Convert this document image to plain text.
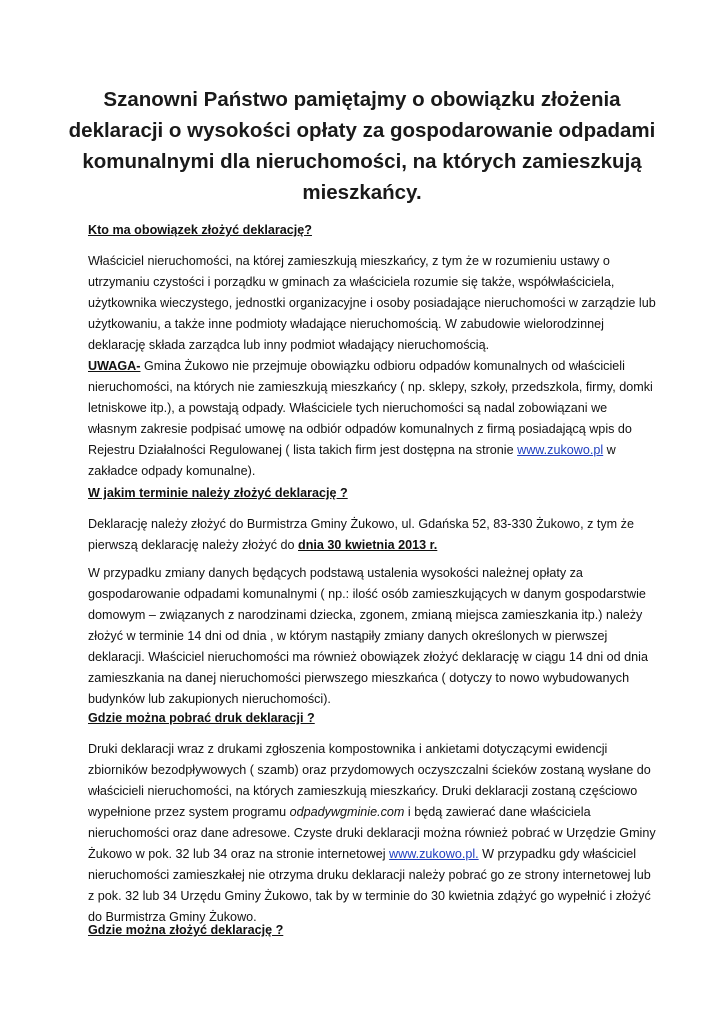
Szanowni Państwo pamiętajmy o obowiązku złożenia
deklaracji o wysokości opłaty za gospodarowanie odpadami
komunalnymi dla nieruchomości, na których zamieszkują
mieszkańcy.
Kto ma obowiązek złożyć deklarację?
Właściciel nieruchomości, na której zamieszkują mieszkańcy, z tym że w rozumieniu ustawy o
utrzymaniu czystości i porządku w gminach za właściciela rozumie się także, współwłaściciela,
użytkownika wieczystego, jednostki organizacyjne i osoby posiadające nieruchomości w zarządzie lub
użytkowaniu, a także inne podmioty władające nieruchomością. W zabudowie wielorodzinnej
deklarację składa zarządca lub inny podmiot władający nieruchomością.
UWAGA- Gmina Żukowo nie przejmuje obowiązku odbioru odpadów komunalnych od właścicieli
nieruchomości, na których nie zamieszkują mieszkańcy ( np. sklepy, szkoły, przedszkola, firmy, domki
letniskowe itp.), a powstają odpady. Właściciele tych nieruchomości są nadal zobowiązani we
własnym zakresie podpisać umowę na odbiór odpadów komunalnych z firmą posiadającą wpis do
Rejestru Działalności Regulowanej ( lista takich firm jest dostępna na stronie www.zukowo.pl w
zakładce odpady komunalne).
W jakim terminie należy złożyć deklarację ?
Deklarację należy złożyć do Burmistrza Gminy Żukowo, ul. Gdańska 52, 83-330 Żukowo, z tym że
pierwszą deklarację należy złożyć do dnia 30 kwietnia 2013 r.
W przypadku zmiany danych będących podstawą ustalenia wysokości należnej opłaty za
gospodarowanie odpadami komunalnymi ( np.: ilość osób zamieszkujących w danym gospodarstwie
domowym – związanych z narodzinami dziecka, zgonem, zmianą miejsca zamieszkania itp.) należy
złożyć w terminie 14 dni od dnia , w którym nastąpiły zmiany danych określonych w pierwszej
deklaracji. Właściciel nieruchomości ma również obowiązek złożyć deklarację w ciągu 14 dni od dnia
zamieszkania na danej nieruchomości pierwszego mieszkańca ( dotyczy to nowo wybudowanych
budynków lub zakupionych nieruchomości).
Gdzie można pobrać druk deklaracji ?
Druki deklaracji wraz z drukami zgłoszenia kompostownika i ankietami dotyczącymi ewidencji
zbiorników bezodpływowych ( szamb) oraz przydomowych oczyszczalni ścieków zostaną wysłane do
właścicieli nieruchomości, na których zamieszkują mieszkańcy. Druki deklaracji zostaną częściowo
wypełnione przez system programu odpadywgminie.com i będą zawierać dane właściciela
nieruchomości oraz dane adresowe. Czyste druki deklaracji można również pobrać w Urzędzie Gminy
Żukowo w pok. 32 lub 34 oraz na stronie internetowej www.zukowo.pl. W przypadku gdy właściciel
nieruchomości zamieszkałej nie otrzyma druku deklaracji należy pobrać go ze strony internetowej lub
z pok. 32 lub 34 Urzędu Gminy Żukowo, tak by w terminie do 30 kwietnia zdążyć go wypełnić i złożyć
do Burmistrza Gminy Żukowo.
Gdzie można złożyć deklarację ?
